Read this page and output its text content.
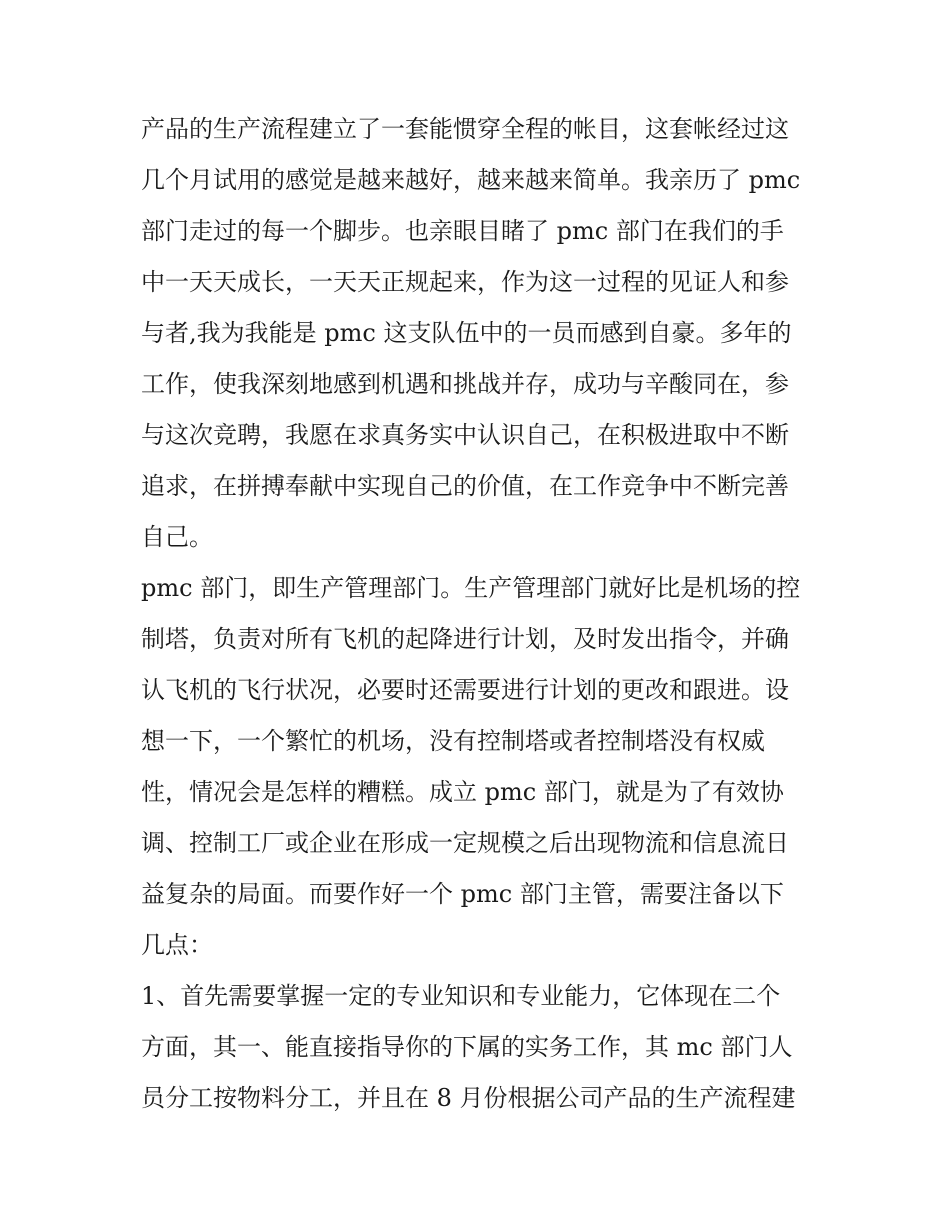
产品的生产流程建立了一套能惯穿全程的帐目，这套帐经过这
几个月试用的感觉是越来越好，越来越来简单。我亲历了 pmc
部门走过的每一个脚步。也亲眼目睹了 pmc 部门在我们的手
中一天天成长，一天天正规起来，作为这一过程的见证人和参
与者,我为我能是 pmc 这支队伍中的一员而感到自豪。多年的
工作，使我深刻地感到机遇和挑战并存，成功与辛酸同在，参
与这次竞聘，我愿在求真务实中认识自己，在积极进取中不断
追求，在拼搏奉献中实现自己的价值，在工作竞争中不断完善
自己。
pmc 部门，即生产管理部门。生产管理部门就好比是机场的控
制塔，负责对所有飞机的起降进行计划，及时发出指令，并确
认飞机的飞行状况，必要时还需要进行计划的更改和跟进。设
想一下，一个繁忙的机场，没有控制塔或者控制塔没有权威
性，情况会是怎样的糟糕。成立 pmc 部门，就是为了有效协
调、控制工厂或企业在形成一定规模之后出现物流和信息流日
益复杂的局面。而要作好一个 pmc 部门主管，需要注备以下
几点：
1、首先需要掌握一定的专业知识和专业能力，它体现在二个
方面，其一、能直接指导你的下属的实务工作，其 mc 部门人
员分工按物料分工，并且在 8 月份根据公司产品的生产流程建
